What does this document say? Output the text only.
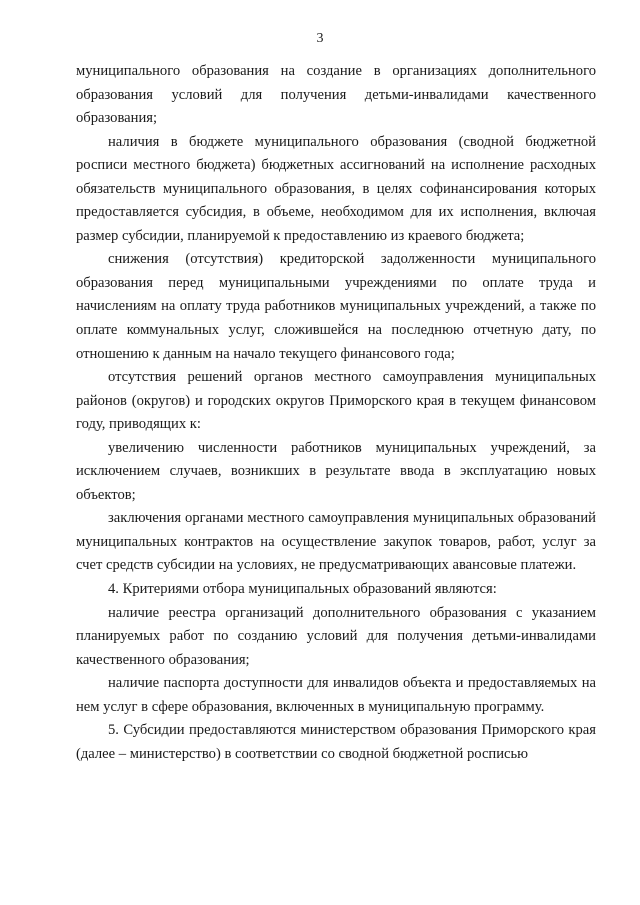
3

муниципального образования на создание в организациях дополнительного образования условий для получения детьми-инвалидами качественного образования;

наличия в бюджете муниципального образования (сводной бюджетной росписи местного бюджета) бюджетных ассигнований на исполнение расходных обязательств муниципального образования, в целях софинансирования которых предоставляется субсидия, в объеме, необходимом для их исполнения, включая размер субсидии, планируемой к предоставлению из краевого бюджета;

снижения (отсутствия) кредиторской задолженности муниципального образования перед муниципальными учреждениями по оплате труда и начислениям на оплату труда работников муниципальных учреждений, а также по оплате коммунальных услуг, сложившейся на последнюю отчетную дату, по отношению к данным на начало текущего финансового года;

отсутствия решений органов местного самоуправления муниципальных районов (округов) и городских округов Приморского края в текущем финансовом году, приводящих к:

увеличению численности работников муниципальных учреждений, за исключением случаев, возникших в результате ввода в эксплуатацию новых объектов;

заключения органами местного самоуправления муниципальных образований муниципальных контрактов на осуществление закупок товаров, работ, услуг за счет средств субсидии на условиях, не предусматривающих авансовые платежи.

4. Критериями отбора муниципальных образований являются:

наличие реестра организаций дополнительного образования с указанием планируемых работ по созданию условий для получения детьми-инвалидами качественного образования;

наличие паспорта доступности для инвалидов объекта и предоставляемых на нем услуг в сфере образования, включенных в муниципальную программу.

5. Субсидии предоставляются министерством образования Приморского края (далее – министерство) в соответствии со сводной бюджетной росписью
